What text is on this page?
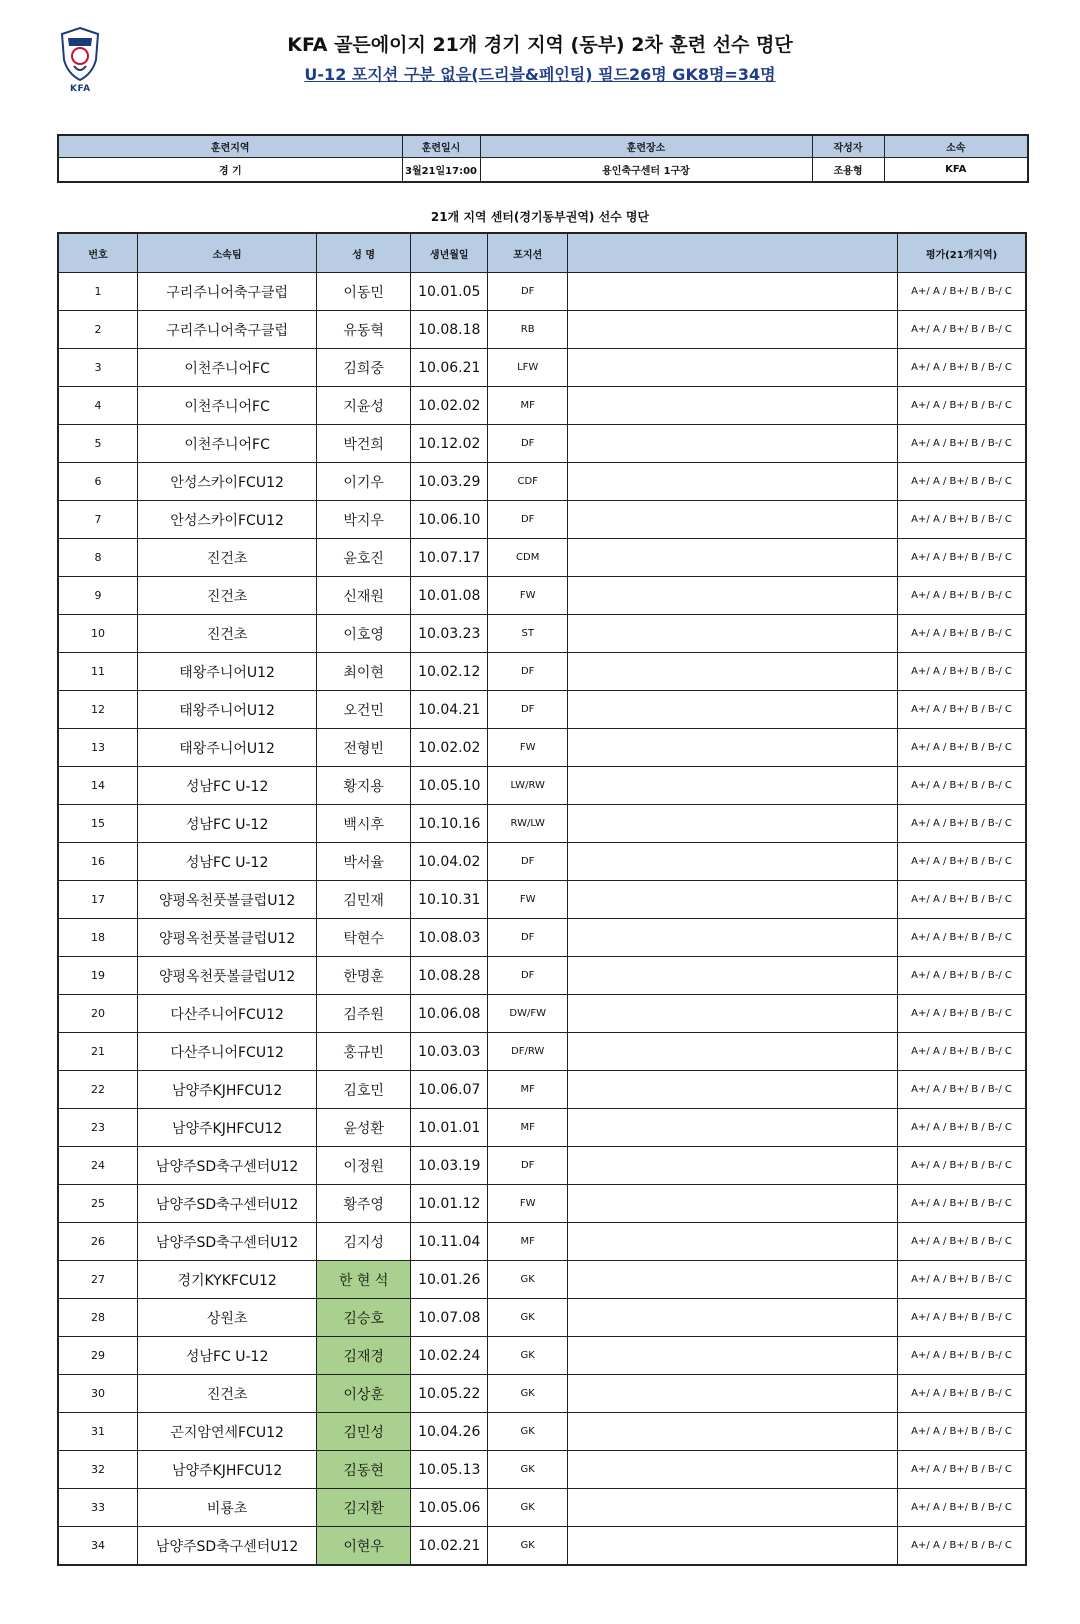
KFA
KFA 골든에이지 21개 경기 지역 (동부) 2차 훈련 선수 명단
U-12 포지션 구분 없음(드리블&페인팅) 필드26명 GK8명=34명
훈련지역	훈련일시	훈련장소	작성자	소속
경 기	3월21일17:00	용인축구센터 1구장	조용형	KFA
21개 지역 센터(경기동부권역) 선수 명단
번호	소속팀	성 명	생년월일	포지션		평가(21개지역)
1	구리주니어축구클럽	이동민	10.01.05	DF		A+/ A / B+/ B / B-/ C
2	구리주니어축구클럽	유동혁	10.08.18	RB		A+/ A / B+/ B / B-/ C
3	이천주니어FC	김희중	10.06.21	LFW		A+/ A / B+/ B / B-/ C
4	이천주니어FC	지윤성	10.02.02	MF		A+/ A / B+/ B / B-/ C
5	이천주니어FC	박건희	10.12.02	DF		A+/ A / B+/ B / B-/ C
6	안성스카이FCU12	이기우	10.03.29	CDF		A+/ A / B+/ B / B-/ C
7	안성스카이FCU12	박지우	10.06.10	DF		A+/ A / B+/ B / B-/ C
8	진건초	윤호진	10.07.17	CDM		A+/ A / B+/ B / B-/ C
9	진건초	신재원	10.01.08	FW		A+/ A / B+/ B / B-/ C
10	진건초	이호영	10.03.23	ST		A+/ A / B+/ B / B-/ C
11	태왕주니어U12	최이현	10.02.12	DF		A+/ A / B+/ B / B-/ C
12	태왕주니어U12	오건민	10.04.21	DF		A+/ A / B+/ B / B-/ C
13	태왕주니어U12	전형빈	10.02.02	FW		A+/ A / B+/ B / B-/ C
14	성남FC U-12	황지용	10.05.10	LW/RW		A+/ A / B+/ B / B-/ C
15	성남FC U-12	백시후	10.10.16	RW/LW		A+/ A / B+/ B / B-/ C
16	성남FC U-12	박서율	10.04.02	DF		A+/ A / B+/ B / B-/ C
17	양평옥천풋볼클럽U12	김민재	10.10.31	FW		A+/ A / B+/ B / B-/ C
18	양평옥천풋볼클럽U12	탁현수	10.08.03	DF		A+/ A / B+/ B / B-/ C
19	양평옥천풋볼클럽U12	한명훈	10.08.28	DF		A+/ A / B+/ B / B-/ C
20	다산주니어FCU12	김주원	10.06.08	DW/FW		A+/ A / B+/ B / B-/ C
21	다산주니어FCU12	홍규빈	10.03.03	DF/RW		A+/ A / B+/ B / B-/ C
22	남양주KJHFCU12	김호민	10.06.07	MF		A+/ A / B+/ B / B-/ C
23	남양주KJHFCU12	윤성환	10.01.01	MF		A+/ A / B+/ B / B-/ C
24	남양주SD축구센터U12	이정원	10.03.19	DF		A+/ A / B+/ B / B-/ C
25	남양주SD축구센터U12	황주영	10.01.12	FW		A+/ A / B+/ B / B-/ C
26	남양주SD축구센터U12	김지성	10.11.04	MF		A+/ A / B+/ B / B-/ C
27	경기KYKFCU12	한 현 석	10.01.26	GK		A+/ A / B+/ B / B-/ C
28	상원초	김승호	10.07.08	GK		A+/ A / B+/ B / B-/ C
29	성남FC U-12	김재경	10.02.24	GK		A+/ A / B+/ B / B-/ C
30	진건초	이상훈	10.05.22	GK		A+/ A / B+/ B / B-/ C
31	곤지암연세FCU12	김민성	10.04.26	GK		A+/ A / B+/ B / B-/ C
32	남양주KJHFCU12	김동현	10.05.13	GK		A+/ A / B+/ B / B-/ C
33	비룡초	김지환	10.05.06	GK		A+/ A / B+/ B / B-/ C
34	남양주SD축구센터U12	이현우	10.02.21	GK		A+/ A / B+/ B / B-/ C
